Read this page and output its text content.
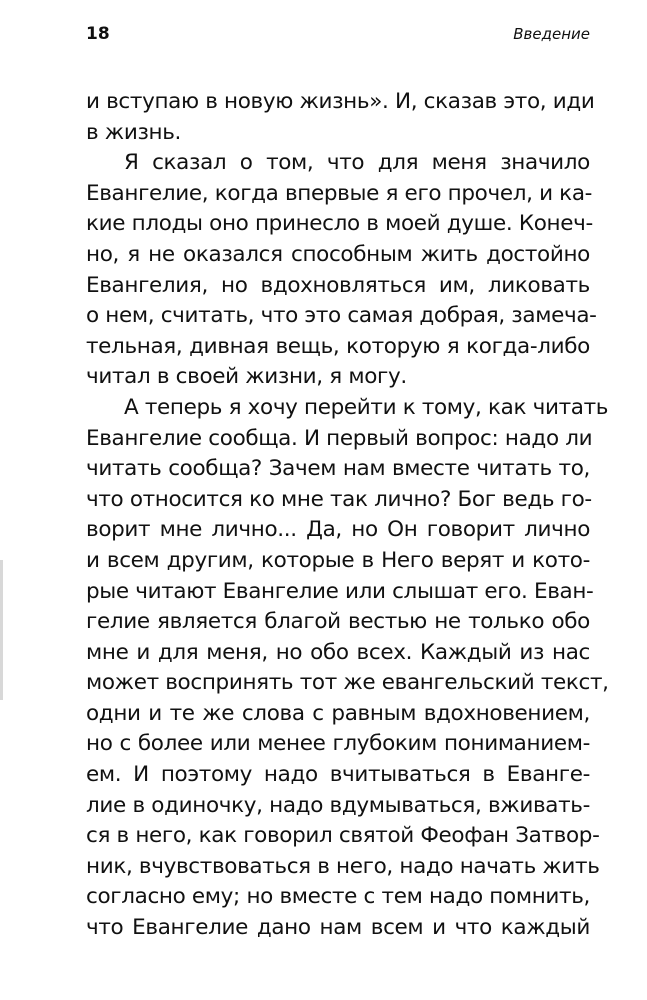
18	Введение
и вступаю в новую жизнь». И, сказав это, иди
в жизнь.
Я сказал о том, что для меня значило
Евангелие, когда впервые я его прочел, и ка-
кие плоды оно принесло в моей душе. Конеч-
но, я не оказался способным жить достойно
Евангелия, но вдохновляться им, ликовать
о нем, считать, что это самая добрая, замеча-
тельная, дивная вещь, которую я когда-либо
читал в своей жизни, я могу.
А теперь я хочу перейти к тому, как читать
Евангелие сообща. И первый вопрос: надо ли
читать сообща? Зачем нам вместе читать то,
что относится ко мне так лично? Бог ведь го-
ворит мне лично... Да, но Он говорит лично
и всем другим, которые в Него верят и кото-
рые читают Евангелие или слышат его. Еван-
гелие является благой вестью не только обо
мне и для меня, но обо всех. Каждый из нас
может воспринять тот же евангельский текст,
одни и те же слова с равным вдохновением,
но с более или менее глубоким пониманием-
ем. И поэтому надо вчитываться в Еванге-
лие в одиночку, надо вдумываться, вживать-
ся в него, как говорил святой Феофан Затвор-
ник, вчувствоваться в него, надо начать жить
согласно ему; но вместе с тем надо помнить,
что Евангелие дано нам всем и что каждый
